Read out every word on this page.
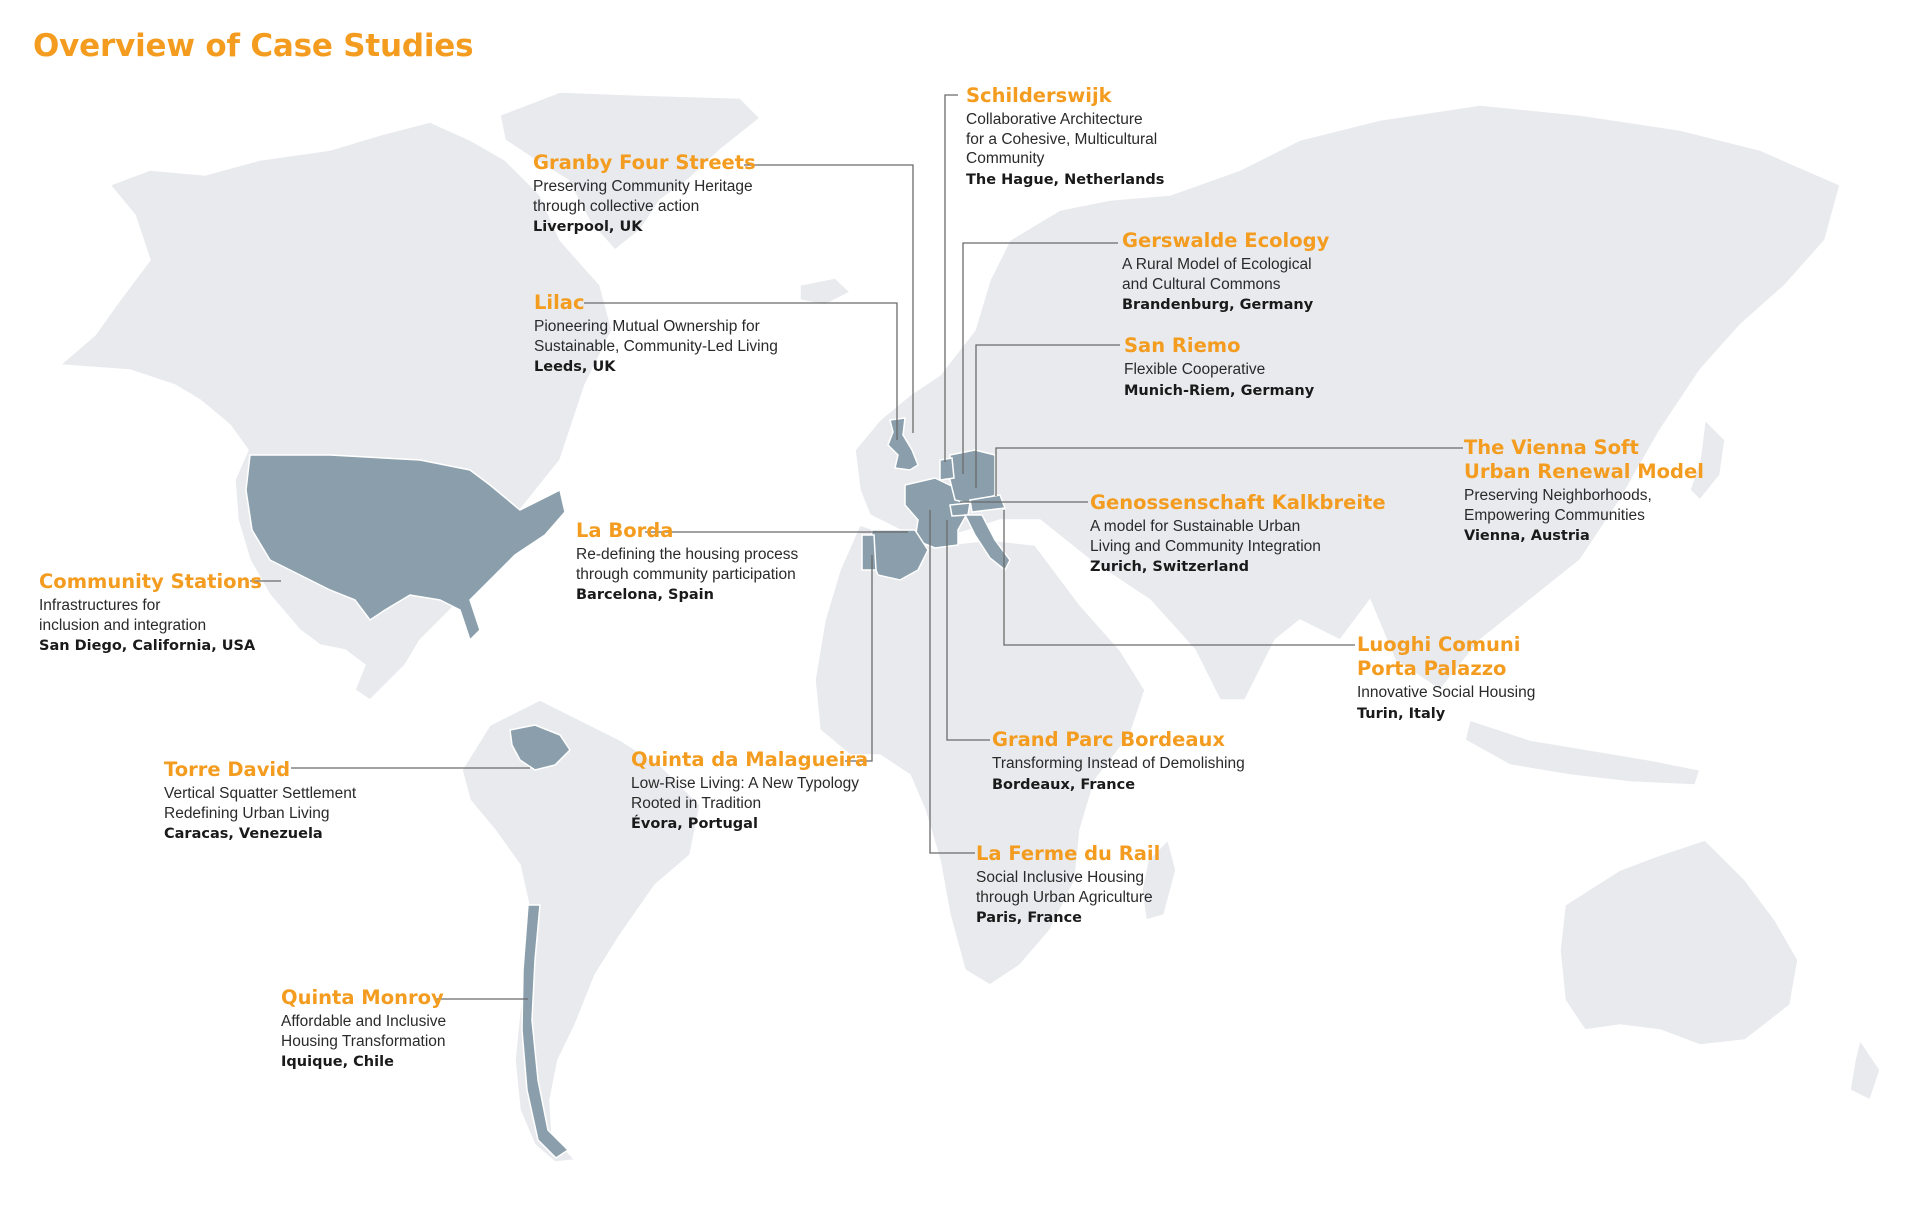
Overview of Case Studies
Schilderswijk
Collaborative Architecture
for a Cohesive, Multicultural
Community
The Hague, Netherlands
Granby Four Streets
Preserving Community Heritage
through collective action
Liverpool, UK
Gerswalde Ecology
A Rural Model of Ecological
and Cultural Commons
Brandenburg, Germany
Lilac
Pioneering Mutual Ownership for
Sustainable, Community-Led Living
Leeds, UK
San Riemo
Flexible Cooperative
Munich-Riem, Germany
The Vienna Soft
Urban Renewal Model
Preserving Neighborhoods,
Empowering Communities
Vienna, Austria
Genossenschaft Kalkbreite
A model for Sustainable Urban
Living and Community Integration
Zurich, Switzerland
La Borda
Re-defining the housing process
through community participation
Barcelona, Spain
Community Stations
Infrastructures for
inclusion and integration
San Diego, California, USA	Luoghi Comuni
Porta Palazzo
Innovative Social Housing
Turin, Italy
Grand Parc Bordeaux
Transforming Instead of Demolishing
Bordeaux, France
Torre David
Vertical Squatter Settlement
Redefining Urban Living
Caracas, Venezuela
Quinta da Malagueira
Low-Rise Living: A New Typology
Rooted in Tradition
Évora, Portugal
La Ferme du Rail
Social Inclusive Housing
through Urban Agriculture
Paris, France
Quinta Monroy
Affordable and Inclusive
Housing Transformation
Iquique, Chile
